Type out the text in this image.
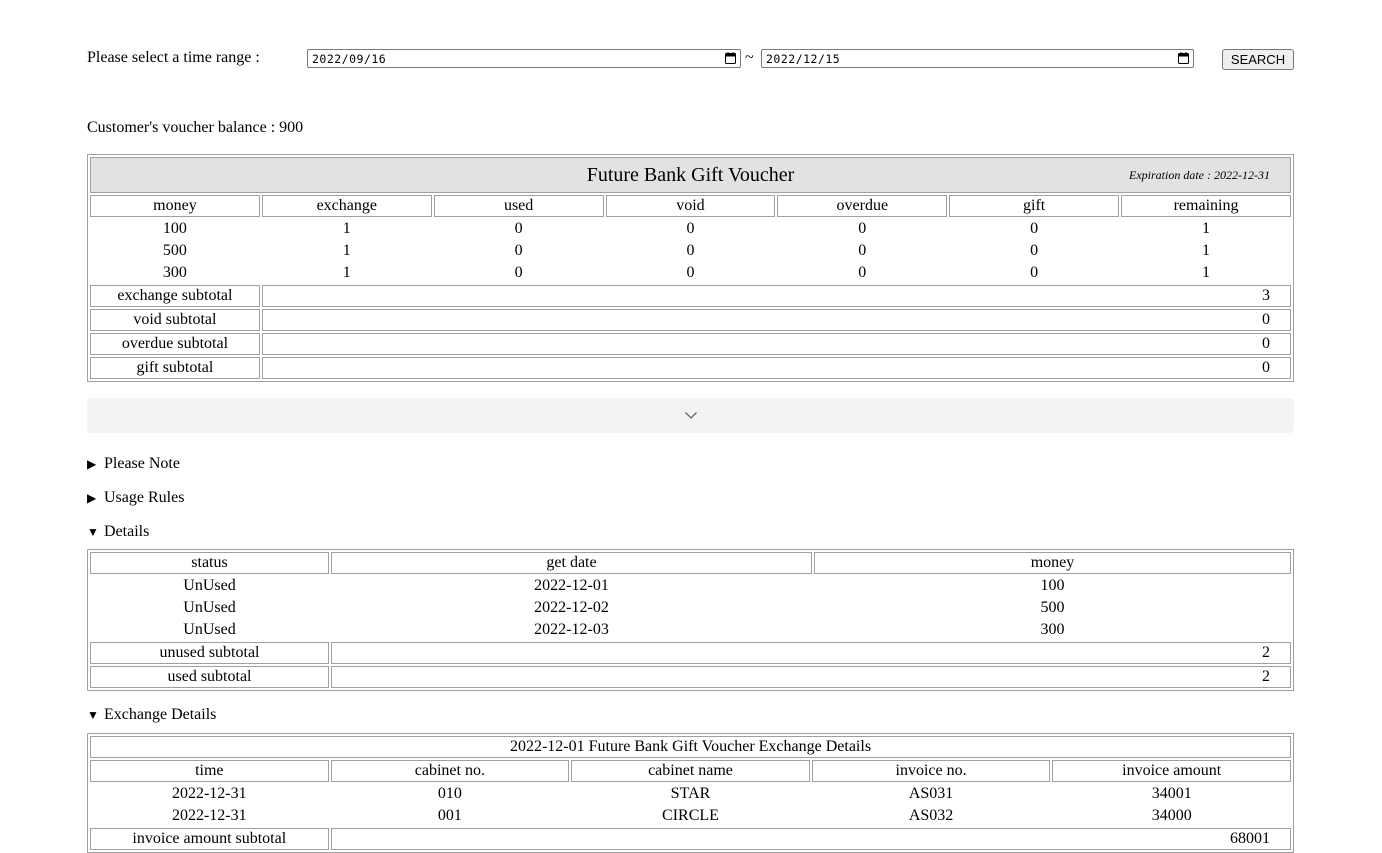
Please select a time range :	2022/09/16	~	2022/12/15	SEARCH
Customer's voucher balance : 900
Future Bank Gift Voucher Expiration date : 2022-12-31						

money	exchange	used	void	overdue	gift	remaining
100	1	0	0	0	0	1
500	1	0	0	0	0	1
300	1	0	0	0	0	1
exchange subtotal	3					
void subtotal	0					
overdue subtotal	0					
gift subtotal	0					
▶ Please Note
▶ Usage Rules
▼ Details
status	get date	money
UnUsed	2022-12-01	100
UnUsed	2022-12-02	500
UnUsed	2022-12-03	300
unused subtotal	2	
used subtotal	2	
▼ Exchange Details
2022-12-01 Future Bank Gift Voucher Exchange Details				
time	cabinet no.	cabinet name	invoice no.	invoice amount
2022-12-31	010	STAR	AS031	34001
2022-12-31	001	CIRCLE	AS032	34000
invoice amount subtotal	68001			
